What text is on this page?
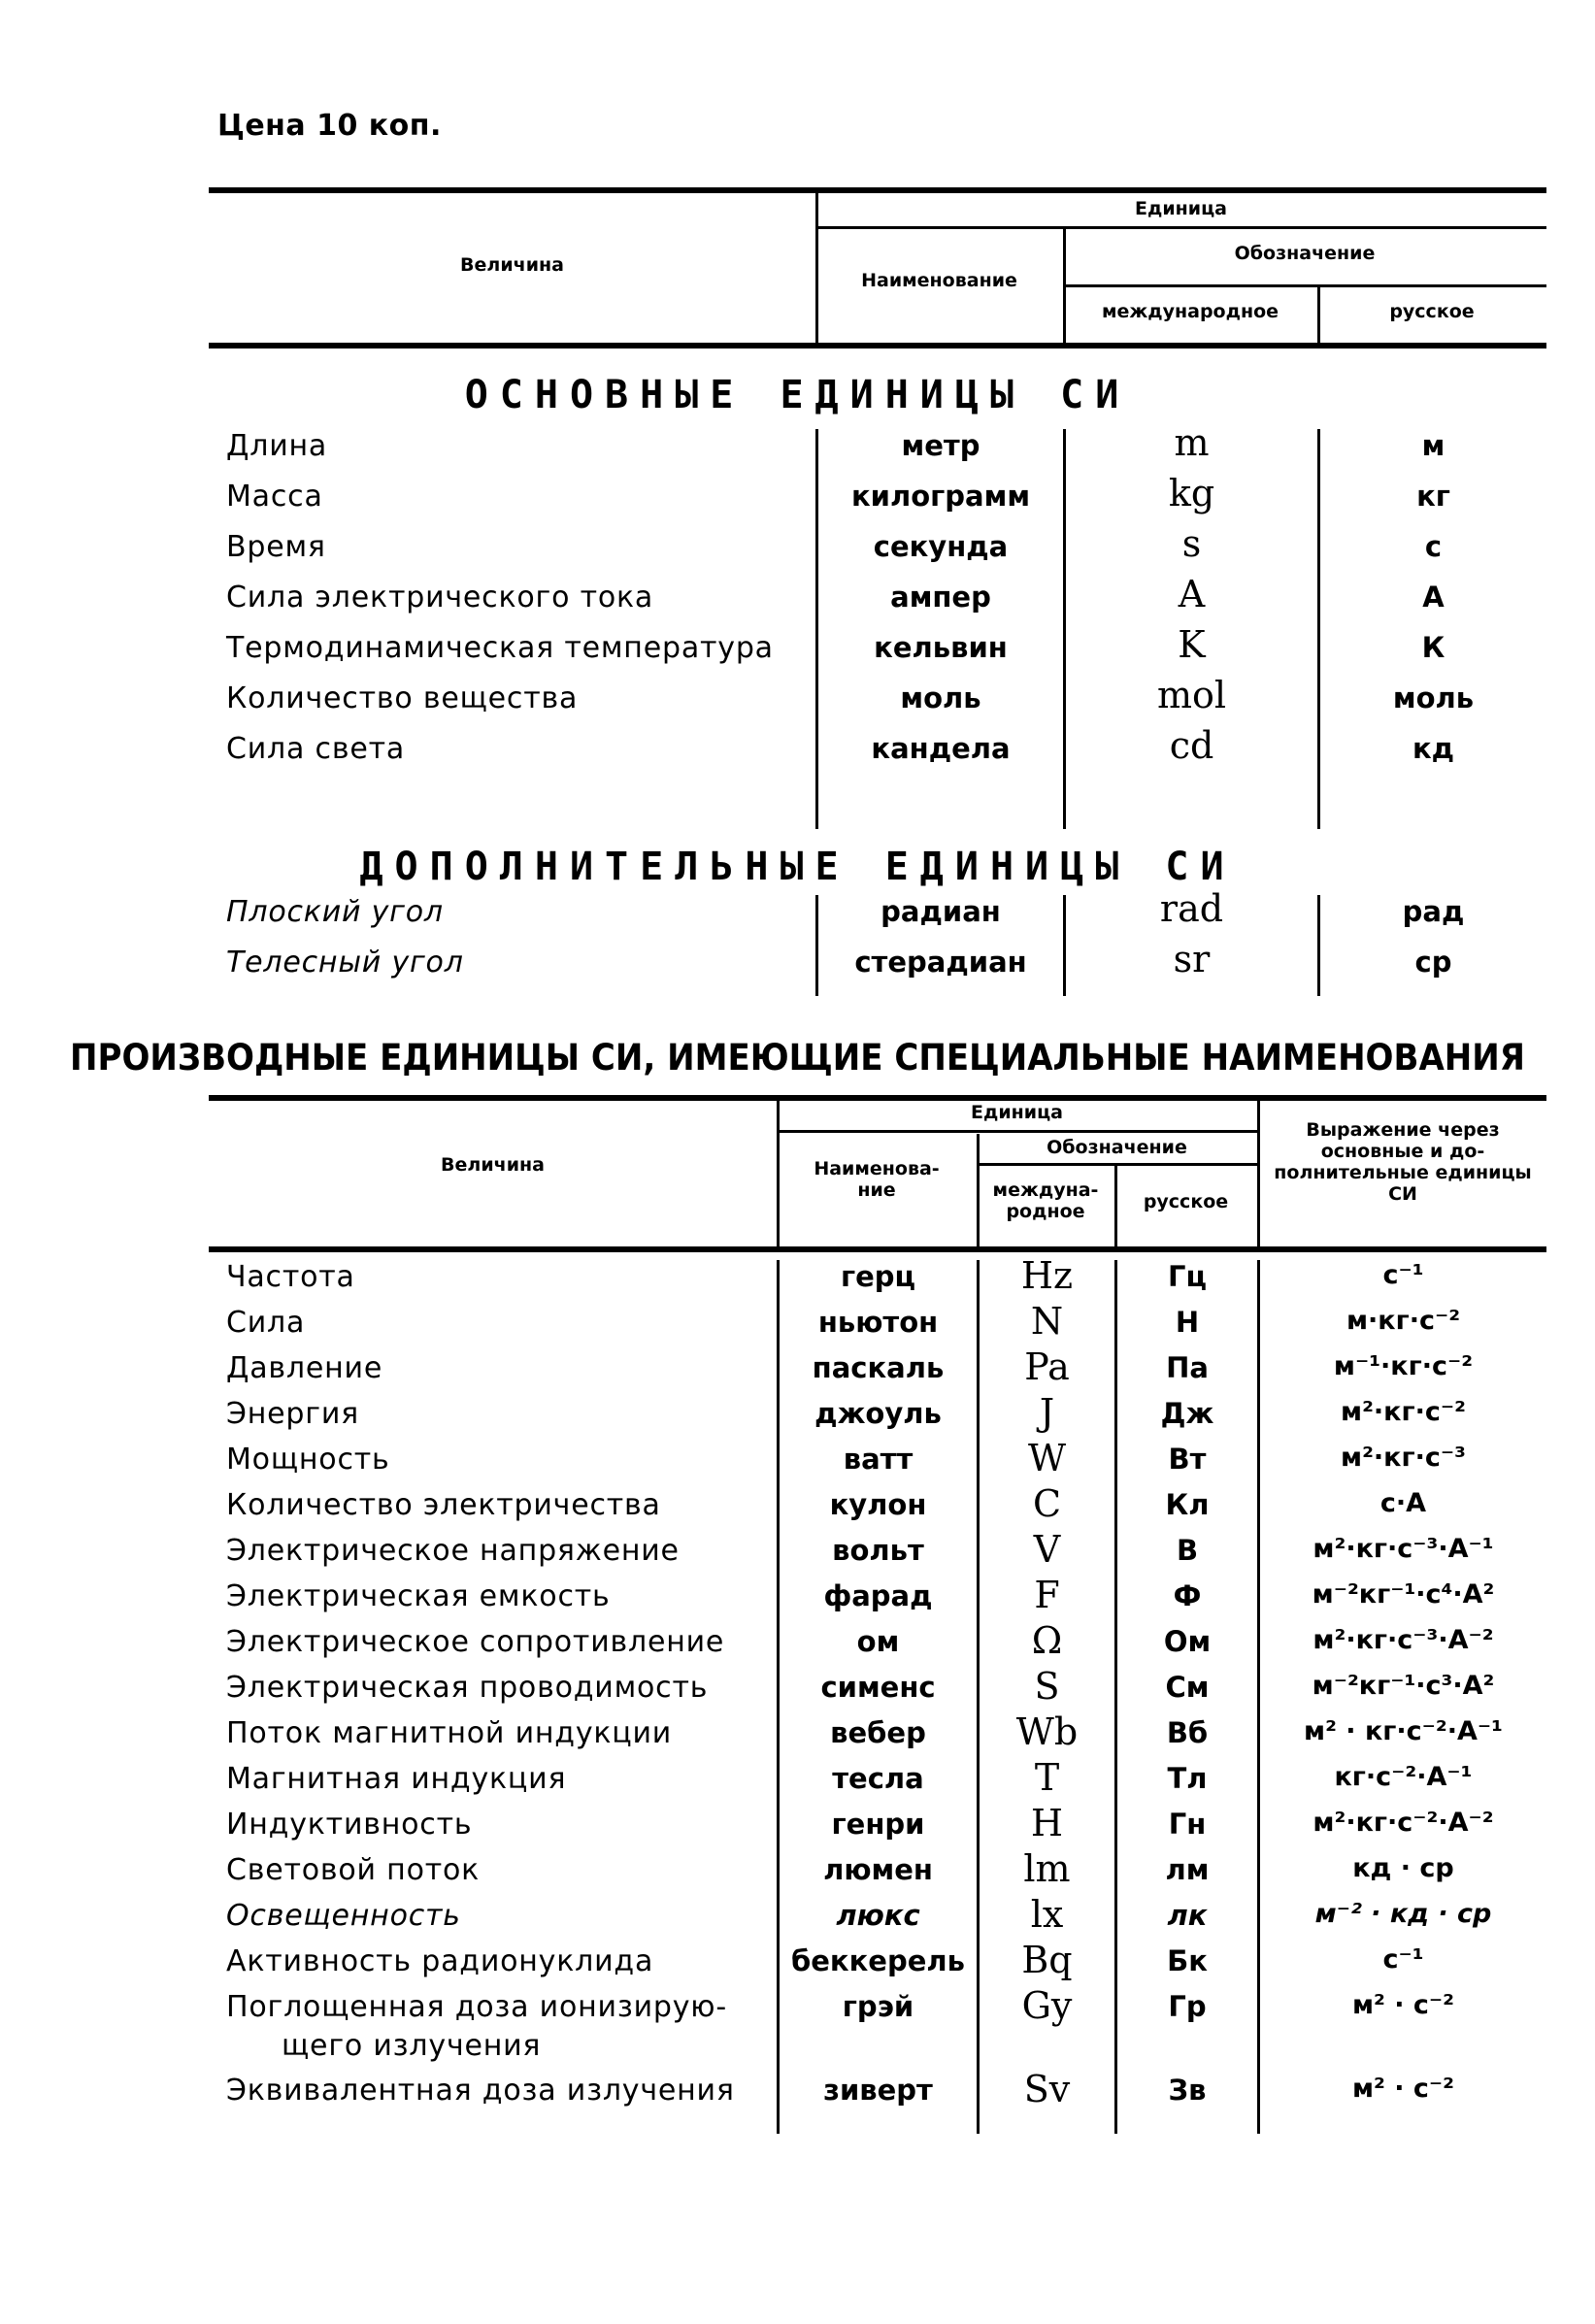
Цена 10 коп.
Величина
Единица
Наименование
Обозначение
международное	русское
ОСНОВНЫЕ ЕДИНИЦЫ СИ
Длина	метр	m	м
Масса	килограмм	kg	кг
Время	секунда	s	с
Сила электрического тока	ампер	A	А
Термодинамическая температура	кельвин	K	К
Количество вещества	моль	mol	моль
Сила света	кандела	cd	кд
ДОПОЛНИТЕЛЬНЫЕ ЕДИНИЦЫ СИ
Плоский угол	радиан	rad	рад
Телесный угол	стерадиан	sr	ср
ПРОИЗВОДНЫЕ ЕДИНИЦЫ СИ, ИМЕЮЩИЕ СПЕЦИАЛЬНЫЕ НАИМЕНОВАНИЯ
Величина
Единица
Наименова-ние
Обозначение
междуна-родное	русское
Выражение через основные и до-полнительные единицы СИ
Частота	герц	Hz	Гц	с⁻¹
Сила	ньютон	N	Н	м·кг·с⁻²
Давление	паскаль	Pa	Па	м⁻¹·кг·с⁻²
Энергия	джоуль	J	Дж	м²·кг·с⁻²
Мощность	ватт	W	Вт	м²·кг·с⁻³
Количество электричества	кулон	C	Кл	с·А
Электрическое напряжение	вольт	V	В	м²·кг·с⁻³·А⁻¹
Электрическая емкость	фарад	F	Ф	м⁻²кг⁻¹·с⁴·А²
Электрическое сопротивление	ом	Ω	Ом	м²·кг·с⁻³·А⁻²
Электрическая проводимость	сименс	S	См	м⁻²кг⁻¹·с³·А²
Поток магнитной индукции	вебер	Wb	Вб	м² · кг·с⁻²·А⁻¹
Магнитная индукция	тесла	T	Тл	кг·с⁻²·А⁻¹
Индуктивность	генри	H	Гн	м²·кг·с⁻²·А⁻²
Световой поток	люмен	lm	лм	кд · ср
Освещенность	люкс	lx	лк	м⁻² · кд · ср
Активность радионуклида	беккерель	Bq	Бк	с⁻¹
Поглощенная доза ионизирую-
щего излучения
грэй	Gy	Гр	м² · с⁻²
Эквивалентная доза излучения	зиверт	Sv	Зв	м² · с⁻²
